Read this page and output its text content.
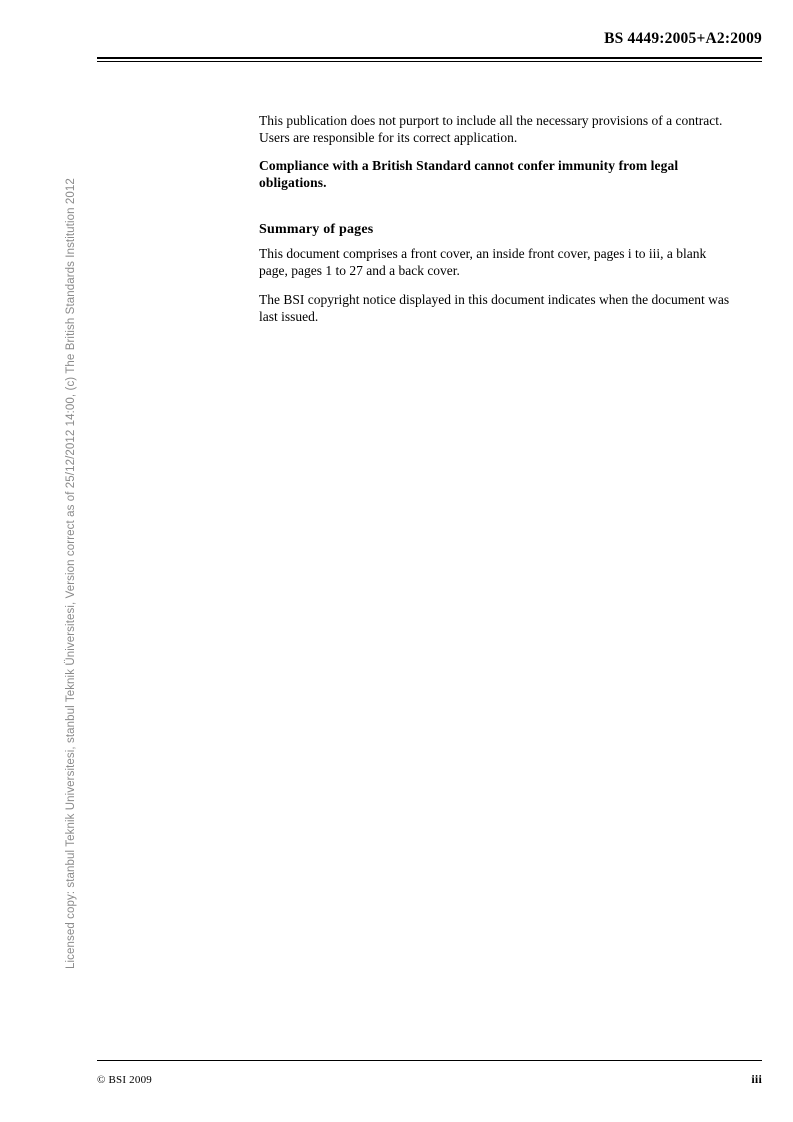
Licensed copy: stanbul Teknik Universitesi, stanbul Teknik Üniversitesi, Version correct as of 25/12/2012 14:00, (c) The British Standards Institution 2012
BS 4449:2005+A2:2009

This publication does not purport to include all the necessary provisions of a contract. Users are responsible for its correct application.

Compliance with a British Standard cannot confer immunity from legal obligations.

Summary of pages

This document comprises a front cover, an inside front cover, pages i to iii, a blank page, pages 1 to 27 and a back cover.

The BSI copyright notice displayed in this document indicates when the document was last issued.

© BSI 2009	iii
